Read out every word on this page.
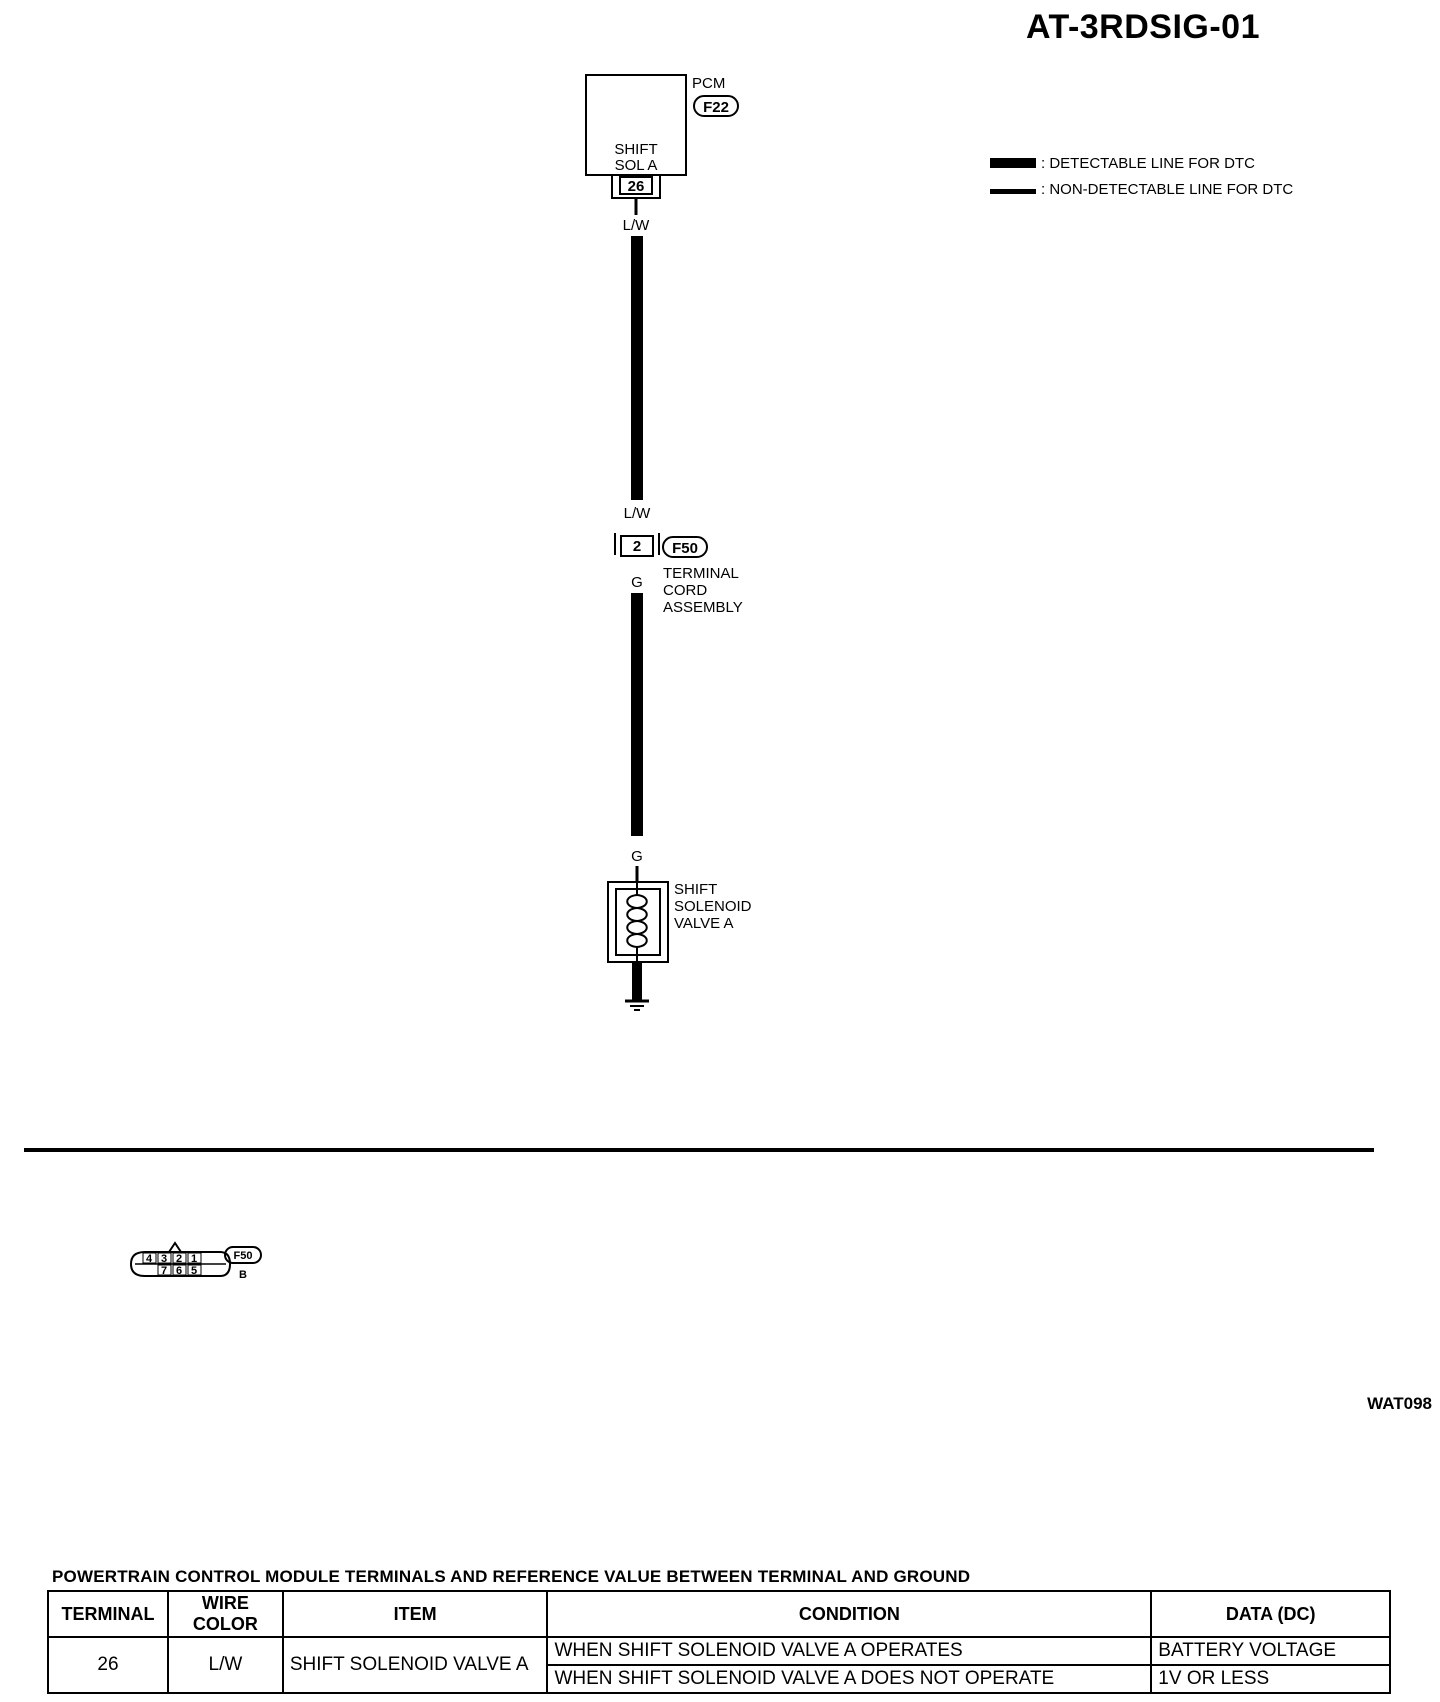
AT-3RDSIG-01
PCM
F22
SHIFT
SOL A
26
L/W
L/W
2 F50
TERMINAL
CORD
ASSEMBLY
G
G
SHIFT
SOLENOID
VALVE A
: DETECTABLE LINE FOR DTC
: NON-DETECTABLE LINE FOR DTC
4 3 2 1
7 6 5
F50
B
WAT098
POWERTRAIN CONTROL MODULE TERMINALS AND REFERENCE VALUE BETWEEN TERMINAL AND GROUND
TERMINAL	WIRE COLOR	ITEM	CONDITION	DATA (DC)
26	L/W	SHIFT SOLENOID VALVE A	WHEN SHIFT SOLENOID VALVE A OPERATES	BATTERY VOLTAGE
			WHEN SHIFT SOLENOID VALVE A DOES NOT OPERATE	1V OR LESS
